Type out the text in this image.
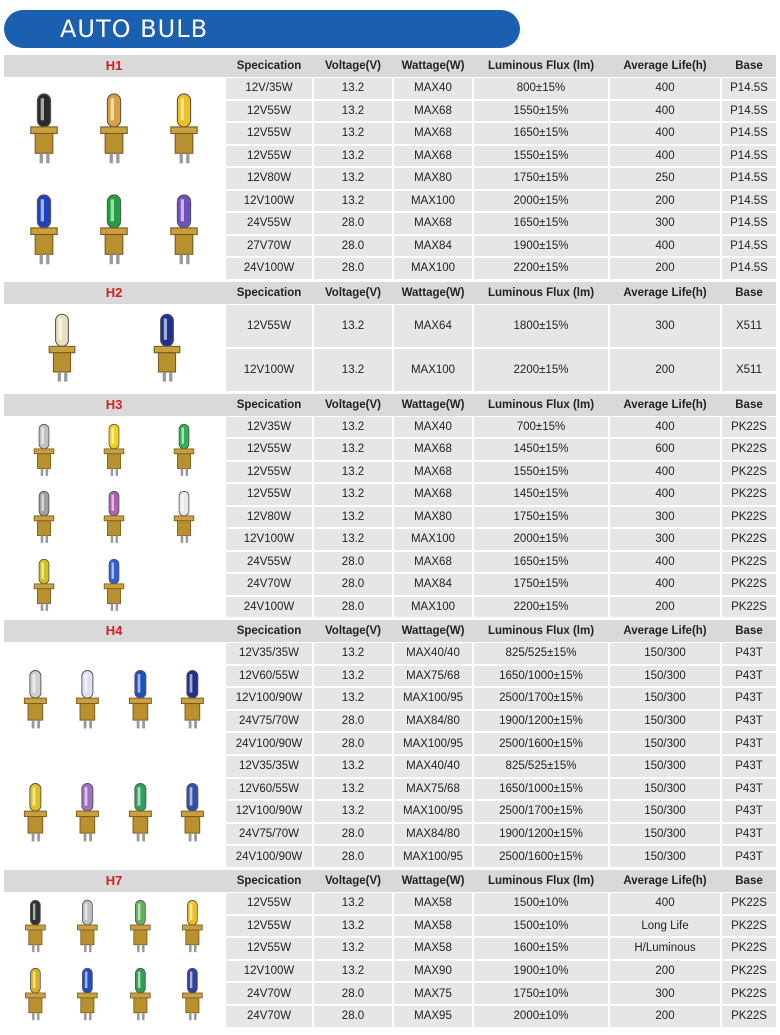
AUTO BULB
H1	Specication	Voltage(V)	Wattage(W)	Luminous Flux (lm)	Average Life(h)	Base
12V/35W	13.2	MAX40	800±15%	400	P14.5S
12V55W	13.2	MAX68	1550±15%	400	P14.5S
12V55W	13.2	MAX68	1650±15%	400	P14.5S
12V55W	13.2	MAX68	1550±15%	400	P14.5S
12V80W	13.2	MAX80	1750±15%	250	P14.5S
12V100W	13.2	MAX100	2000±15%	200	P14.5S
24V55W	28.0	MAX68	1650±15%	300	P14.5S
27V70W	28.0	MAX84	1900±15%	400	P14.5S
24V100W	28.0	MAX100	2200±15%	200	P14.5S
H2	Specication	Voltage(V)	Wattage(W)	Luminous Flux (lm)	Average Life(h)	Base
12V55W	13.2	MAX64	1800±15%	300	X511
12V100W	13.2	MAX100	2200±15%	200	X511
H3	Specication	Voltage(V)	Wattage(W)	Luminous Flux (lm)	Average Life(h)	Base
12V35W	13.2	MAX40	700±15%	400	PK22S
12V55W	13.2	MAX68	1450±15%	600	PK22S
12V55W	13.2	MAX68	1550±15%	400	PK22S
12V55W	13.2	MAX68	1450±15%	400	PK22S
12V80W	13.2	MAX80	1750±15%	300	PK22S
12V100W	13.2	MAX100	2000±15%	300	PK22S
24V55W	28.0	MAX68	1650±15%	400	PK22S
24V70W	28.0	MAX84	1750±15%	400	PK22S
24V100W	28.0	MAX100	2200±15%	200	PK22S
H4	Specication	Voltage(V)	Wattage(W)	Luminous Flux (lm)	Average Life(h)	Base
12V35/35W	13.2	MAX40/40	825/525±15%	150/300	P43T
12V60/55W	13.2	MAX75/68	1650/1000±15%	150/300	P43T
12V100/90W	13.2	MAX100/95	2500/1700±15%	150/300	P43T
24V75/70W	28.0	MAX84/80	1900/1200±15%	150/300	P43T
24V100/90W	28.0	MAX100/95	2500/1600±15%	150/300	P43T
12V35/35W	13.2	MAX40/40	825/525±15%	150/300	P43T
12V60/55W	13.2	MAX75/68	1650/1000±15%	150/300	P43T
12V100/90W	13.2	MAX100/95	2500/1700±15%	150/300	P43T
24V75/70W	28.0	MAX84/80	1900/1200±15%	150/300	P43T
24V100/90W	28.0	MAX100/95	2500/1600±15%	150/300	P43T
H7	Specication	Voltage(V)	Wattage(W)	Luminous Flux (lm)	Average Life(h)	Base
12V55W	13.2	MAX58	1500±10%	400	PK22S
12V55W	13.2	MAX58	1500±10%	Long Life	PK22S
12V55W	13.2	MAX58	1600±15%	H/Luminous	PK22S
12V100W	13.2	MAX90	1900±10%	200	PK22S
24V70W	28.0	MAX75	1750±10%	300	PK22S
24V70W	28.0	MAX95	2000±10%	200	PK22S
